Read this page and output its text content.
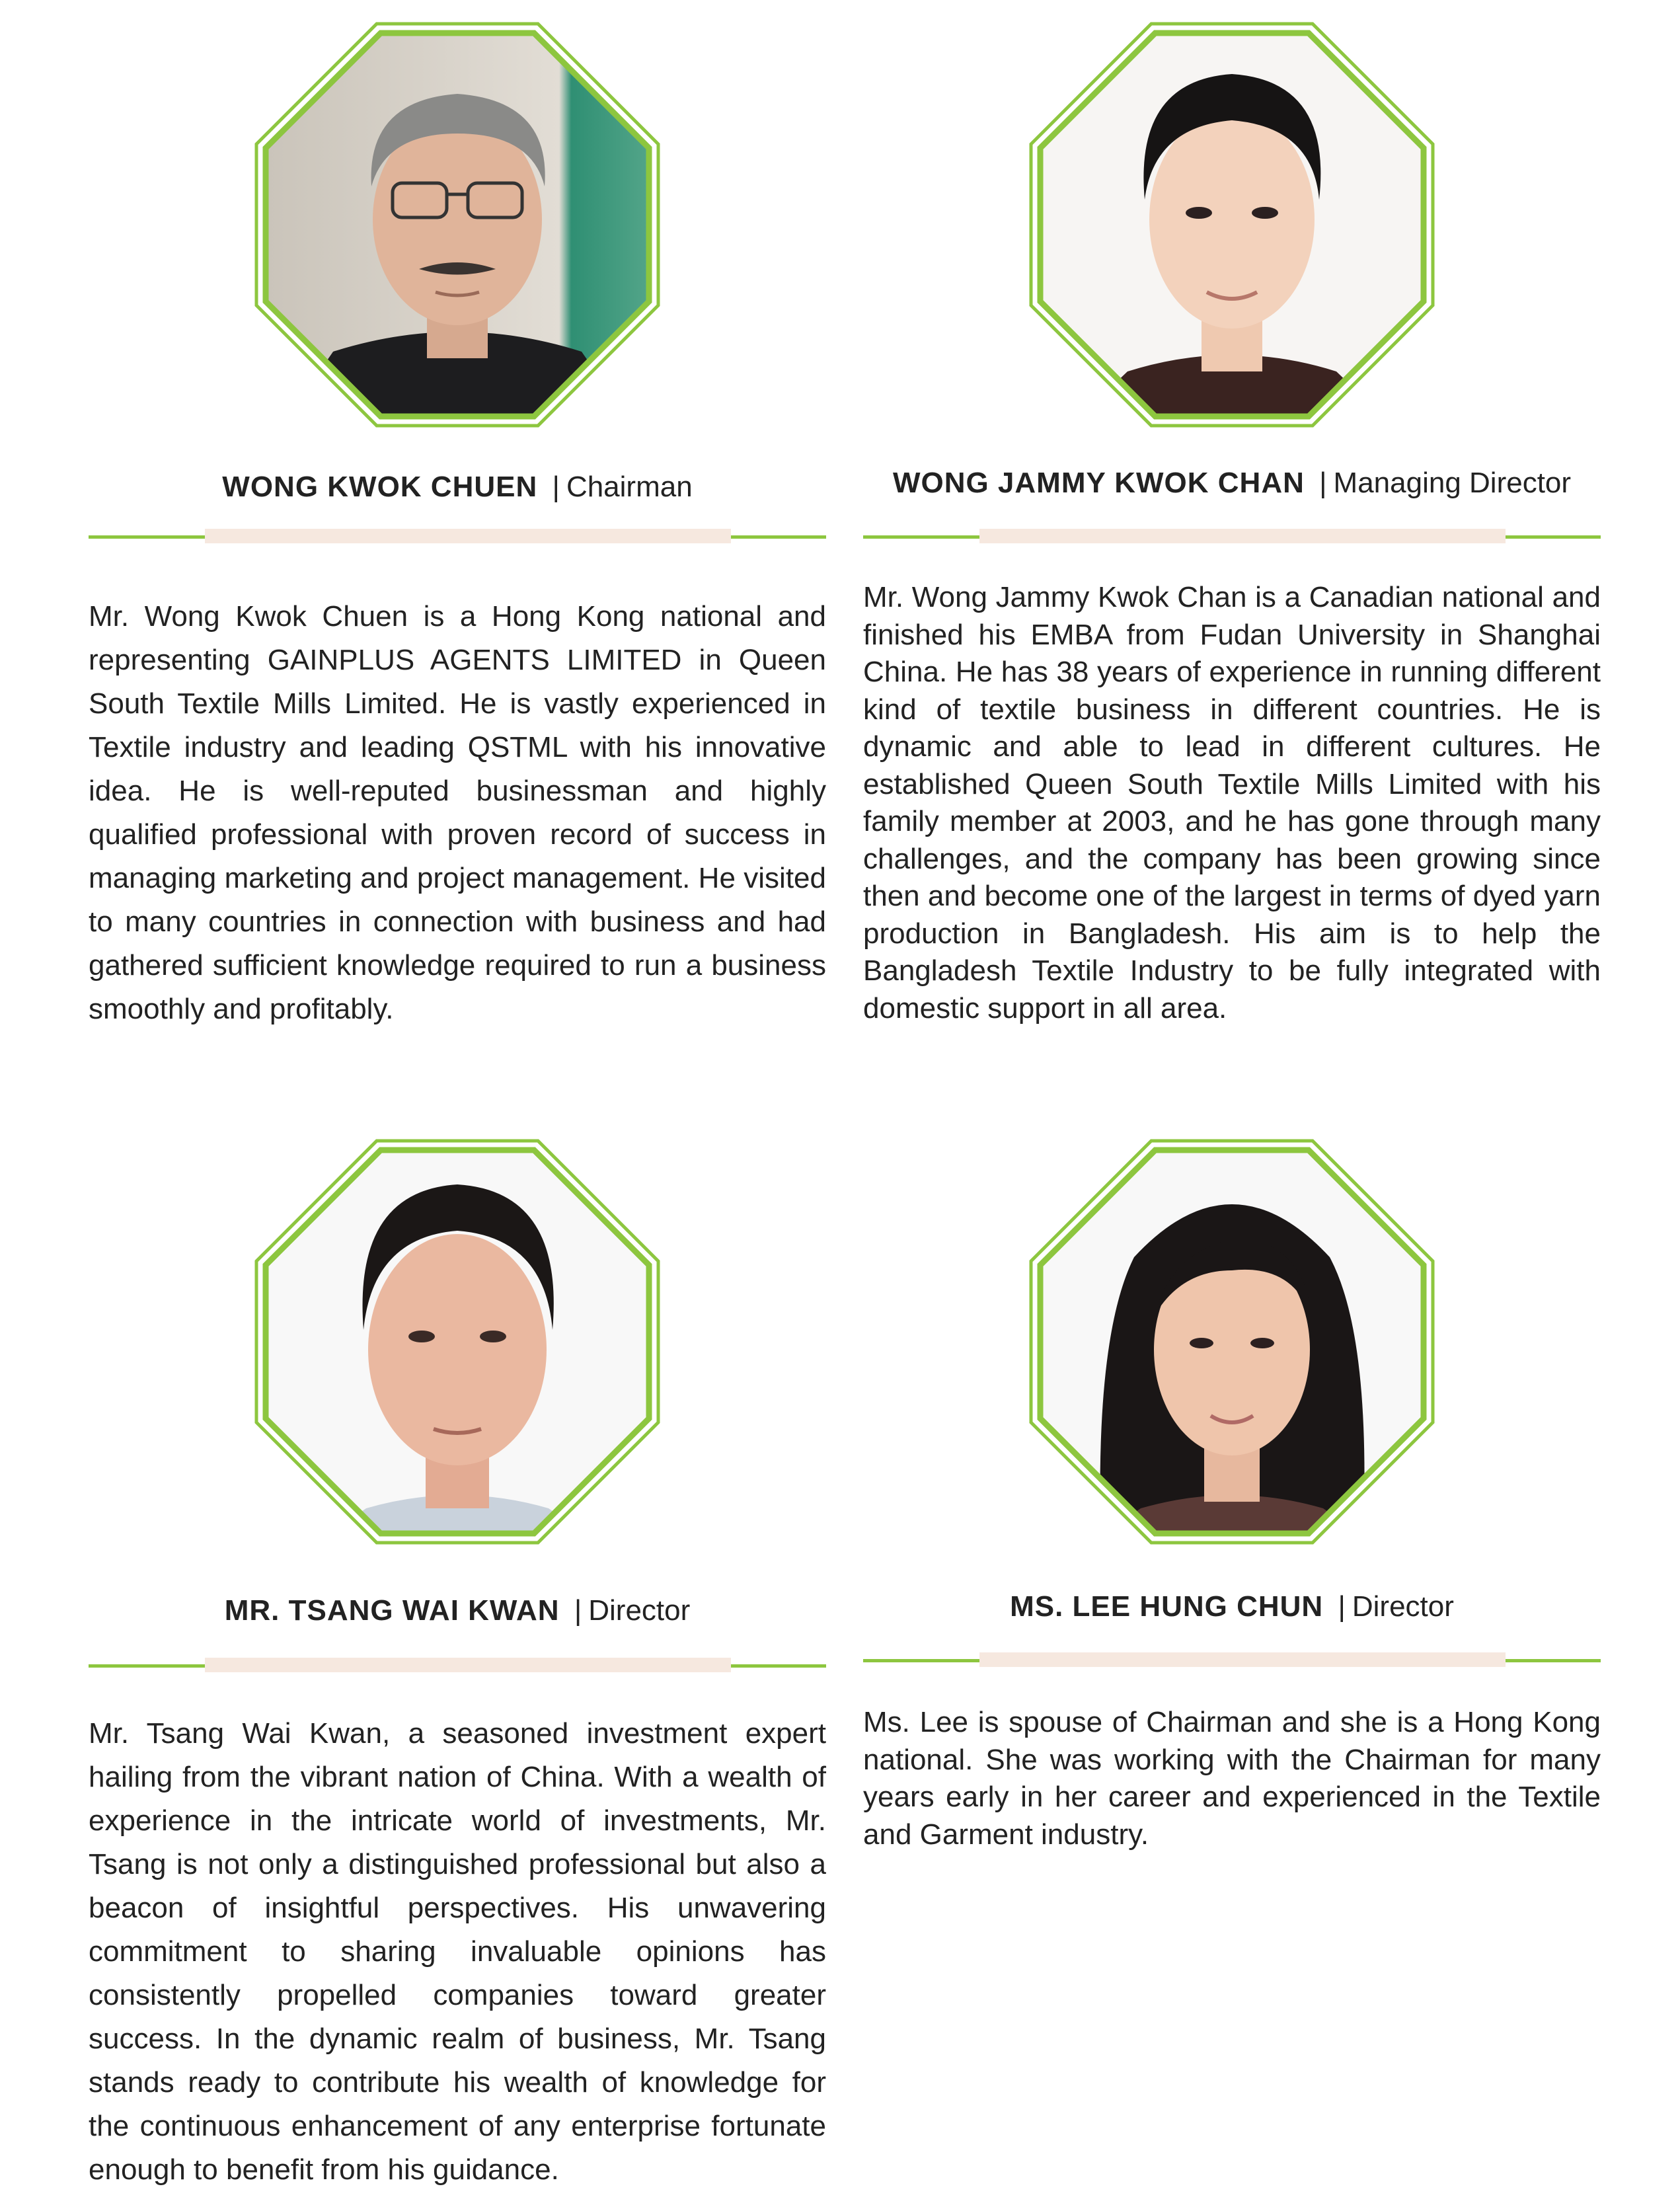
WONG KWOK CHUEN | Chairman

Mr. Wong Kwok Chuen is a Hong Kong national and representing GAINPLUS AGENTS LIMITED in Queen South Textile Mills Limited. He is vastly experienced in Textile industry and leading QSTML with his innovative idea. He is well-reputed businessman and highly qualified professional with proven record of success in managing marketing and project management. He visited to many countries in connection with business and had gathered sufficient knowledge required to run a business smoothly and profitably.

WONG JAMMY KWOK CHAN | Managing Director

Mr. Wong Jammy Kwok Chan is a Canadian national and finished his EMBA from Fudan University in Shanghai China. He has 38 years of experience in running different kind of textile business in different countries. He is dynamic and able to lead in different cultures. He established Queen South Textile Mills Limited with his family member at 2003, and he has gone through many challenges, and the company has been growing since then and become one of the largest in terms of dyed yarn production in Bangladesh. His aim is to help the Bangladesh Textile Industry to be fully integrated with domestic support in all area.

MR. TSANG WAI KWAN | Director

Mr. Tsang Wai Kwan, a seasoned investment expert hailing from the vibrant nation of China. With a wealth of experience in the intricate world of investments, Mr. Tsang is not only a distinguished professional but also a beacon of insightful perspectives. His unwavering commitment to sharing invaluable opinions has consistently propelled companies toward greater success. In the dynamic realm of business, Mr. Tsang stands ready to contribute his wealth of knowledge for the continuous enhancement of any enterprise fortunate enough to benefit from his guidance.

MS. LEE HUNG CHUN | Director

Ms. Lee is spouse of Chairman and she is a Hong Kong national. She was working with the Chairman for many years early in her career and experienced in the Textile and Garment industry.
